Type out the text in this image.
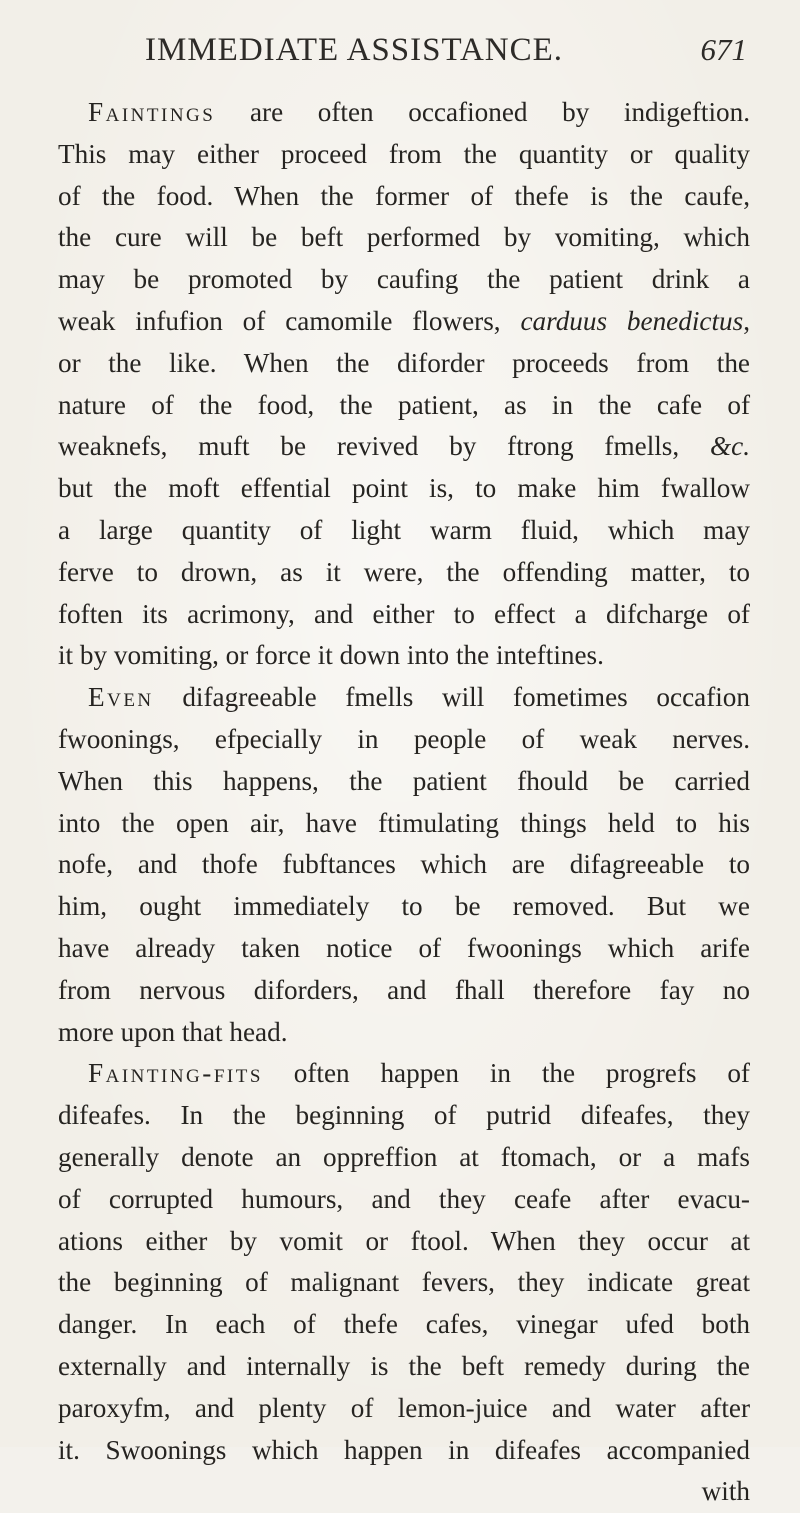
IMMEDIATE ASSISTANCE.	671
Faintings are often occafioned by indigeftion.
This may either proceed from the quantity or quality
of the food. When the former of thefe is the caufe,
the cure will be beft performed by vomiting, which
may be promoted by caufing the patient drink a
weak infufion of camomile flowers, carduus benedictus,
or the like. When the diforder proceeds from the
nature of the food, the patient, as in the cafe of
weaknefs, muft be revived by ftrong fmells, &c.
but the moft effential point is, to make him fwallow
a large quantity of light warm fluid, which may
ferve to drown, as it were, the offending matter, to
foften its acrimony, and either to effect a difcharge of
it by vomiting, or force it down into the inteftines.
Even difagreeable fmells will fometimes occafion
fwoonings, efpecially in people of weak nerves.
When this happens, the patient fhould be carried
into the open air, have ftimulating things held to his
nofe, and thofe fubftances which are difagreeable to
him, ought immediately to be removed. But we
have already taken notice of fwoonings which arife
from nervous diforders, and fhall therefore fay no
more upon that head.
Fainting-fits often happen in the progrefs of
difeafes. In the beginning of putrid difeafes, they
generally denote an oppreffion at ftomach, or a mafs
of corrupted humours, and they ceafe after evacu-
ations either by vomit or ftool. When they occur at
the beginning of malignant fevers, they indicate great
danger. In each of thefe cafes, vinegar ufed both
externally and internally is the beft remedy during the
paroxyfm, and plenty of lemon-juice and water after
it. Swoonings which happen in difeafes accompanied
with
